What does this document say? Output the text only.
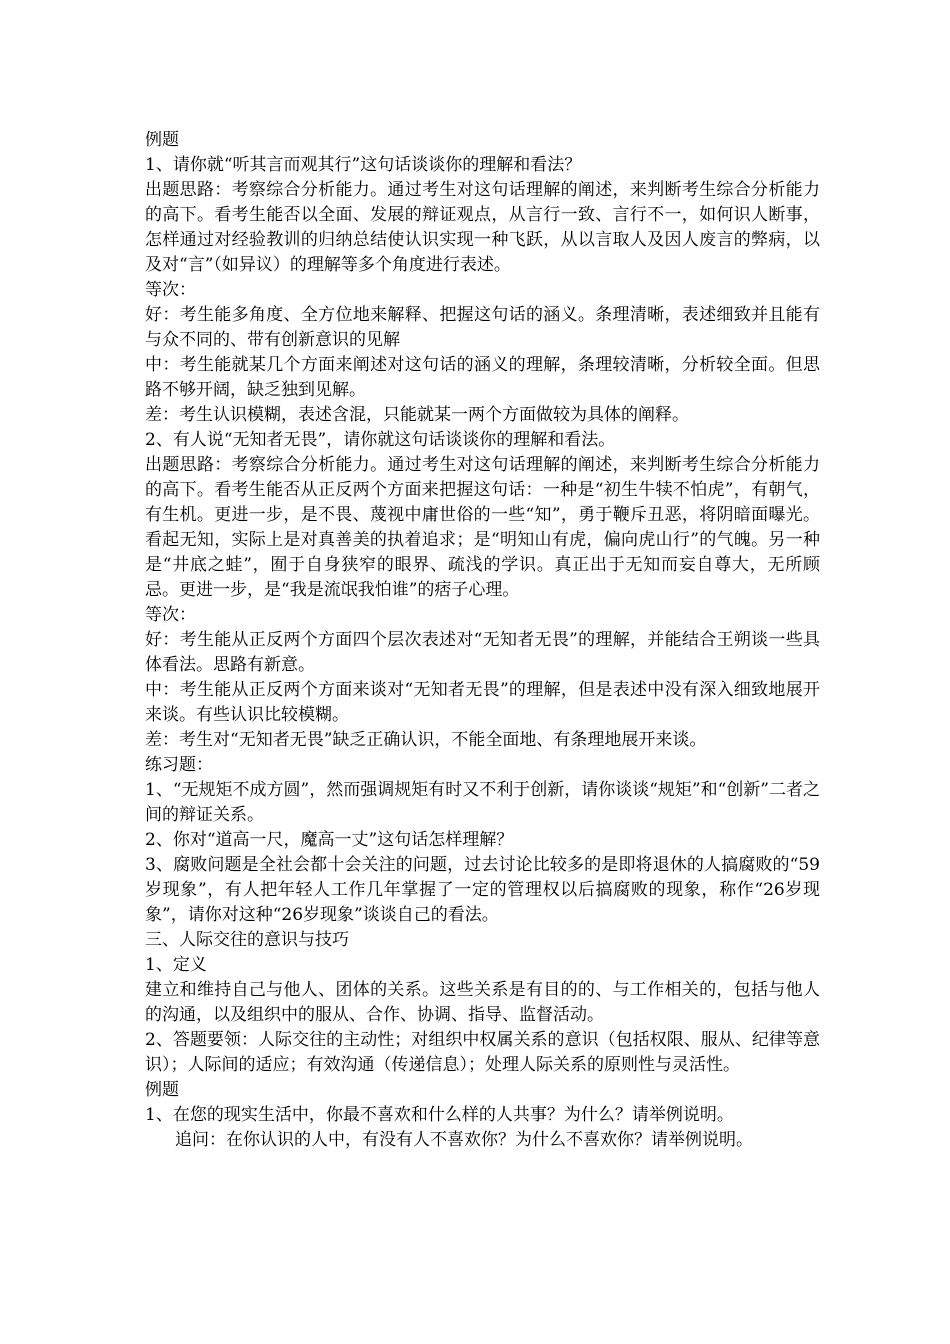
例题

1、请你就“听其言而观其行”这句话谈谈你的理解和看法？

出题思路：考察综合分析能力。通过考生对这句话理解的阐述，来判断考生综合分析能力的高下。看考生能否以全面、发展的辩证观点，从言行一致、言行不一，如何识人断事，怎样通过对经验教训的归纳总结使认识实现一种飞跃，从以言取人及因人废言的弊病，以及对“言”（如异议）的理解等多个角度进行表述。

等次：

好：考生能多角度、全方位地来解释、把握这句话的涵义。条理清晰，表述细致并且能有与众不同的、带有创新意识的见解

中：考生能就某几个方面来阐述对这句话的涵义的理解，条理较清晰，分析较全面。但思路不够开阔，缺乏独到见解。

差：考生认识模糊，表述含混，只能就某一两个方面做较为具体的阐释。

2、有人说“无知者无畏”，请你就这句话谈谈你的理解和看法。

出题思路：考察综合分析能力。通过考生对这句话理解的阐述，来判断考生综合分析能力的高下。看考生能否从正反两个方面来把握这句话：一种是“初生牛犊不怕虎”，有朝气，有生机。更进一步，是不畏、蔑视中庸世俗的一些“知”，勇于鞭斥丑恶，将阴暗面曝光。看起无知，实际上是对真善美的执着追求；是“明知山有虎，偏向虎山行”的气魄。另一种是“井底之蛙”，囿于自身狭窄的眼界、疏浅的学识。真正出于无知而妄自尊大，无所顾忌。更进一步，是“我是流氓我怕谁”的痞子心理。

等次：

好：考生能从正反两个方面四个层次表述对“无知者无畏”的理解，并能结合王朔谈一些具体看法。思路有新意。

中：考生能从正反两个方面来谈对“无知者无畏”的理解，但是表述中没有深入细致地展开来谈。有些认识比较模糊。

差：考生对“无知者无畏”缺乏正确认识，不能全面地、有条理地展开来谈。

练习题：

1、“无规矩不成方圆”，然而强调规矩有时又不利于创新，请你谈谈“规矩”和“创新”二者之间的辩证关系。

2、你对“道高一尺，魔高一丈”这句话怎样理解？

3、腐败问题是全社会都十会关注的问题，过去讨论比较多的是即将退休的人搞腐败的“59岁现象”，有人把年轻人工作几年掌握了一定的管理权以后搞腐败的现象，称作“26岁现象”，请你对这种“26岁现象”谈谈自己的看法。

三、人际交往的意识与技巧

1、定义

建立和维持自己与他人、团体的关系。这些关系是有目的的、与工作相关的，包括与他人的沟通，以及组织中的服从、合作、协调、指导、监督活动。

2、答题要领：人际交往的主动性；对组织中权属关系的意识（包括权限、服从、纪律等意识）；人际间的适应；有效沟通（传递信息）；处理人际关系的原则性与灵活性。

例题

1、在您的现实生活中，你最不喜欢和什么样的人共事？为什么？请举例说明。

追问：在你认识的人中，有没有人不喜欢你？为什么不喜欢你？请举例说明。
